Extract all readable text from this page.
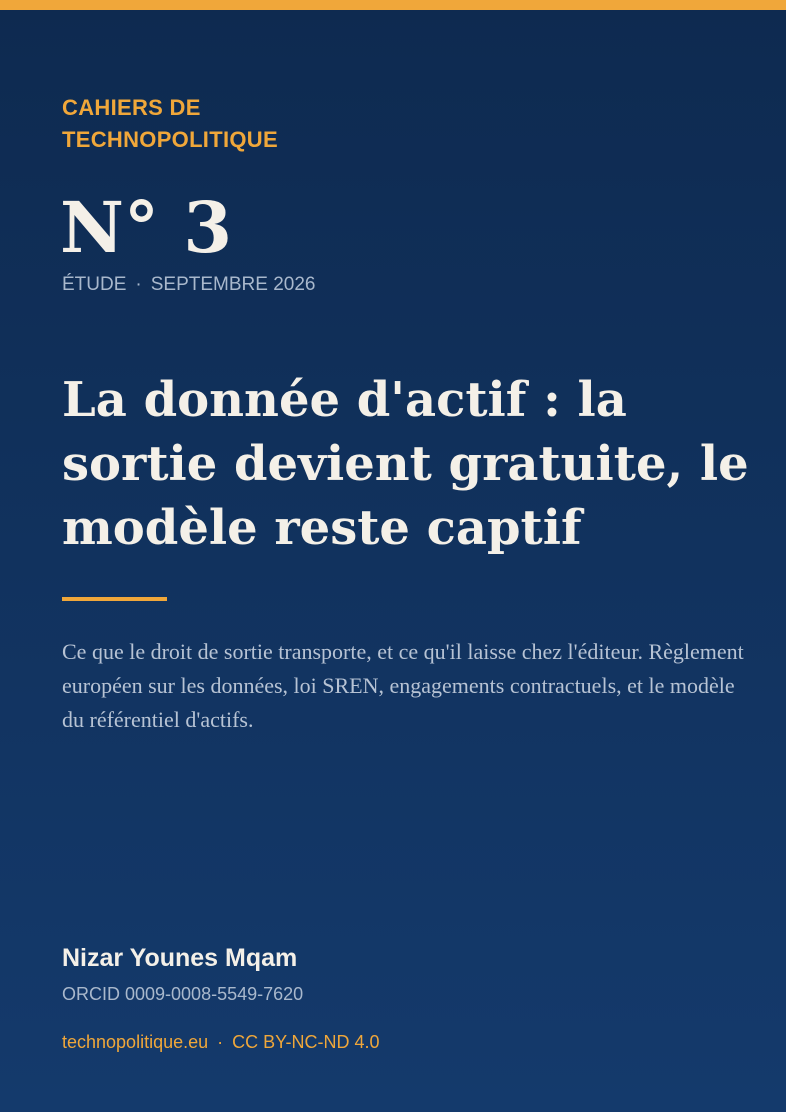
CAHIERS DE
TECHNOPOLITIQUE
N° 3
ÉTUDE · SEPTEMBRE 2026
La donnée d'actif : la sortie devient gratuite, le modèle reste captif

Ce que le droit de sortie transporte, et ce qu'il laisse chez l'éditeur. Règlement européen sur les données, loi SREN, engagements contractuels, et le modèle du référentiel d'actifs.

Nizar Younes Mqam
ORCID 0009-0008-5549-7620
technopolitique.eu · CC BY-NC-ND 4.0
